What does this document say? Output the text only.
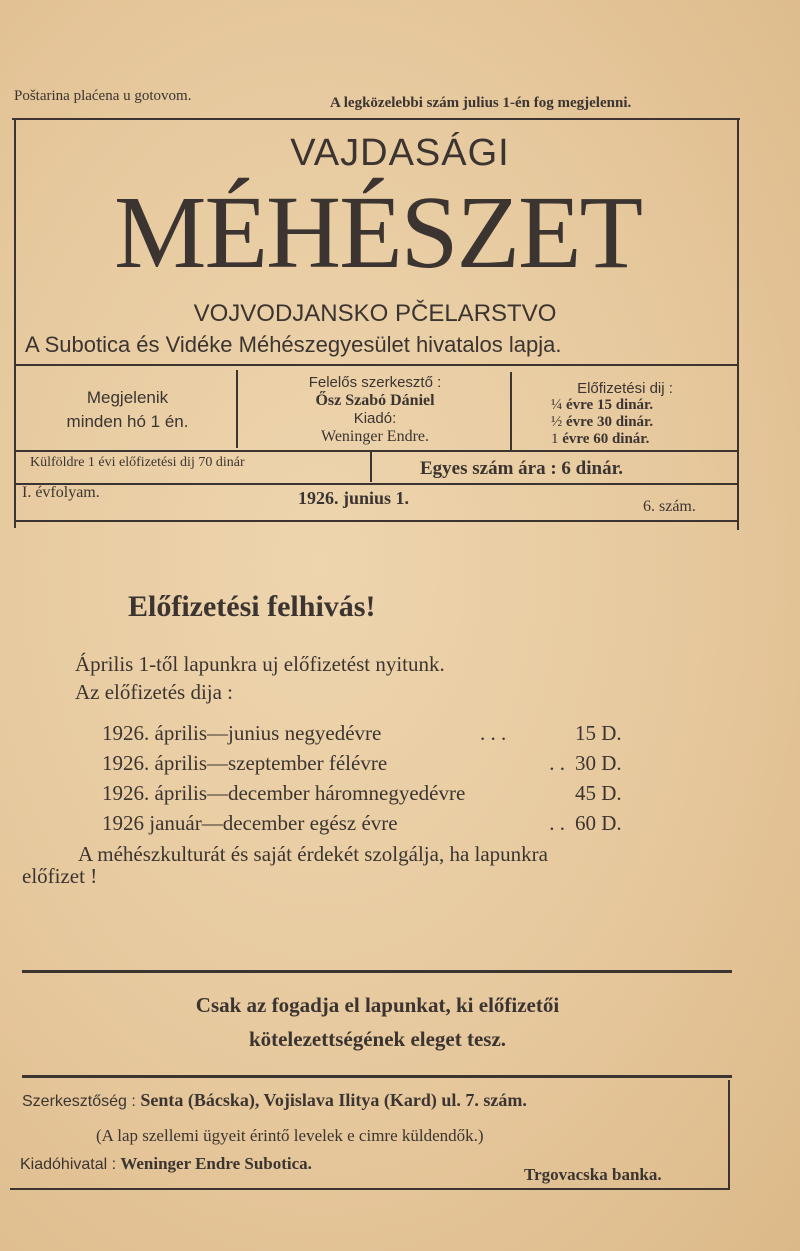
Poštarina plaćena u gotovom.	A legközelebbi szám julius 1-én fog megjelenni.
VAJDASÁGI
MÉHÉSZET
VOJVODJANSKO PČELARSTVO
A Subotica és Vidéke Méhészegyesület hivatalos lapja.
Megjelenik
minden hó 1 én.
Felelős szerkesztő :
Ősz Szabó Dániel
Kiadó:
Weninger Endre.
Előfizetési dij :
¼ évre 15 dinár.
½ évre 30 dinár.
1 évre 60 dinár.
Külföldre 1 évi előfizetési dij 70 dinár	Egyes szám ára : 6 dinár.
I. évfolyam.	1926. junius 1.	6. szám.
Előfizetési felhivás!
Április 1-től lapunkra uj előfizetést nyitunk.
Az előfizetés dija :
1926. április—junius negyedévre	. . .	15 D.
1926. április—szeptember félévre	. . 30 D.
1926. április—december háromnegyedévre	45 D.
1926 január—december egész évre	. . 60 D.
A méhészkulturát és saját érdekét szolgálja, ha lapunkra
előfizet !
Csak az fogadja el lapunkat, ki előfizetői
kötelezettségének eleget tesz.
Szerkesztőség : Senta (Bácska), Vojislava Ilitya (Kard) ul. 7. szám.
(A lap szellemi ügyeit érintő levelek e cimre küldendők.)
Kiadóhivatal : Weninger Endre Subotica.
Trgovacska banka.
